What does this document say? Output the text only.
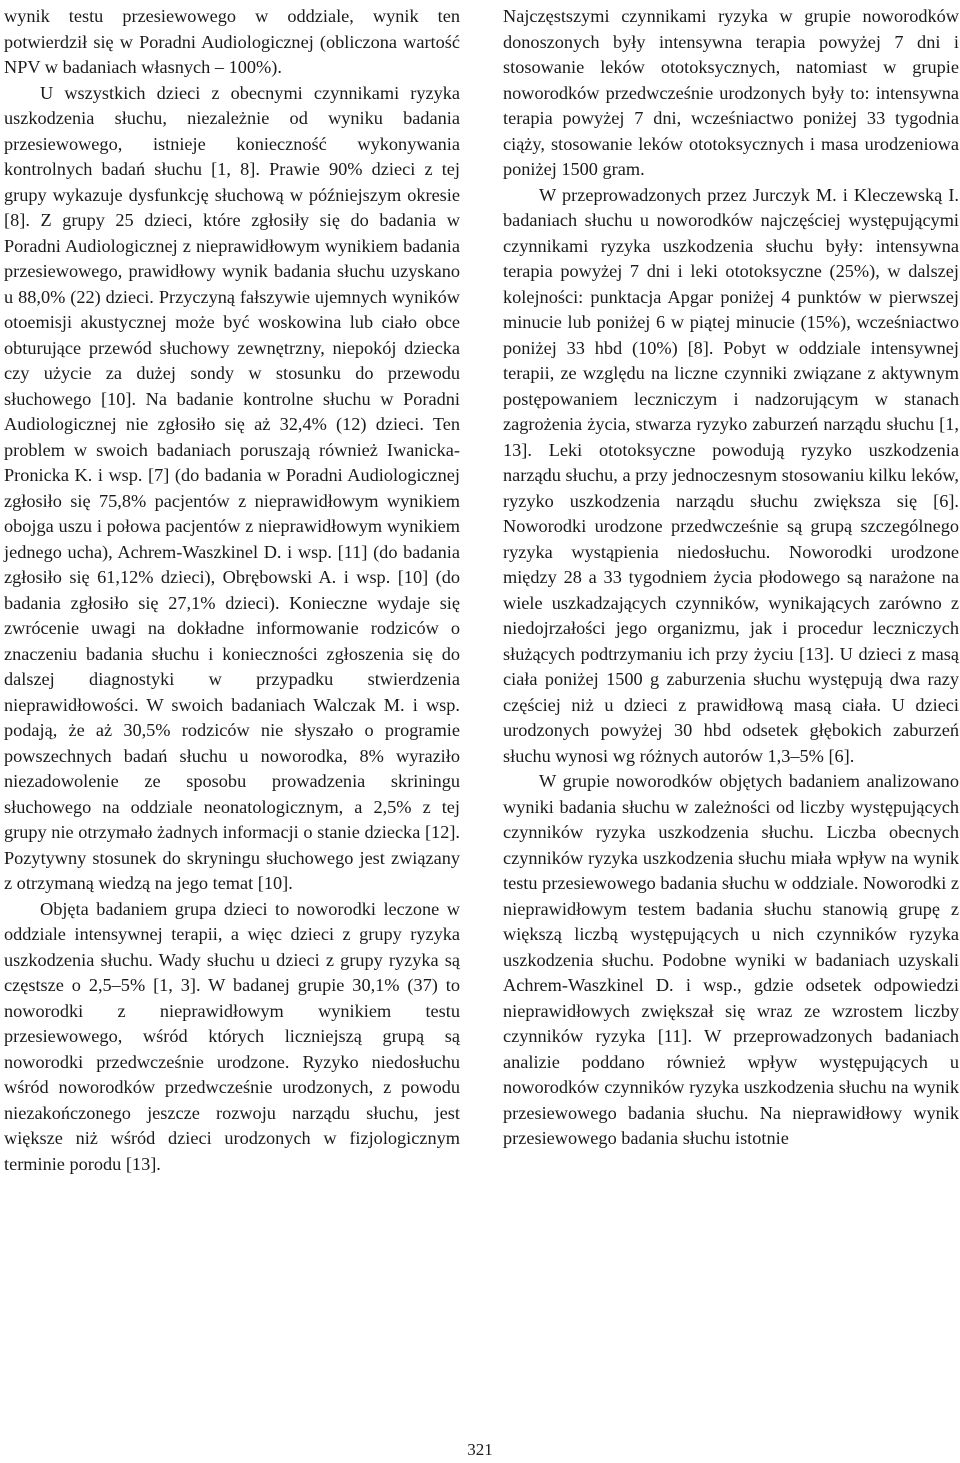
wynik testu przesiewowego w oddziale, wynik ten potwierdził się w Poradni Audiologicznej (obliczona wartość NPV w badaniach własnych – 100%).

U wszystkich dzieci z obecnymi czynnikami ryzyka uszkodzenia słuchu, niezależnie od wyniku badania przesiewowego, istnieje konieczność wykonywania kontrolnych badań słuchu [1, 8]. Prawie 90% dzieci z tej grupy wykazuje dysfunkcję słuchową w późniejszym okresie [8]. Z grupy 25 dzieci, które zgłosiły się do badania w Poradni Audiologicznej z nieprawidłowym wynikiem badania przesiewowego, prawidłowy wynik badania słuchu uzyskano u 88,0% (22) dzieci. Przyczyną fałszywie ujemnych wyników otoemisji akustycznej może być woskowina lub ciało obce obturujące przewód słuchowy zewnętrzny, niepokój dziecka czy użycie za dużej sondy w stosunku do przewodu słuchowego [10]. Na badanie kontrolne słuchu w Poradni Audiologicznej nie zgłosiło się aż 32,4% (12) dzieci. Ten problem w swoich badaniach poruszają również Iwanicka-Pronicka K. i wsp. [7] (do badania w Poradni Audiologicznej zgłosiło się 75,8% pacjentów z nieprawidłowym wynikiem obojga uszu i połowa pacjentów z nieprawidłowym wynikiem jednego ucha), Achrem-Waszkinel D. i wsp. [11] (do badania zgłosiło się 61,12% dzieci), Obrębowski A. i wsp. [10] (do badania zgłosiło się 27,1% dzieci). Konieczne wydaje się zwrócenie uwagi na dokładne informowanie rodziców o znaczeniu badania słuchu i konieczności zgłoszenia się do dalszej diagnostyki w przypadku stwierdzenia nieprawidłowości. W swoich badaniach Walczak M. i wsp. podają, że aż 30,5% rodziców nie słyszało o programie powszechnych badań słuchu u noworodka, 8% wyraziło niezadowolenie ze sposobu prowadzenia skriningu słuchowego na oddziale neonatologicznym, a 2,5% z tej grupy nie otrzymało żadnych informacji o stanie dziecka [12]. Pozytywny stosunek do skryningu słuchowego jest związany z otrzymaną wiedzą na jego temat [10].

Objęta badaniem grupa dzieci to noworodki leczone w oddziale intensywnej terapii, a więc dzieci z grupy ryzyka uszkodzenia słuchu. Wady słuchu u dzieci z grupy ryzyka są częstsze o 2,5–5% [1, 3]. W badanej grupie 30,1% (37) to noworodki z nieprawidłowym wynikiem testu przesiewowego, wśród których liczniejszą grupą są noworodki przedwcześnie urodzone. Ryzyko niedosłuchu wśród noworodków przedwcześnie urodzonych, z powodu niezakończonego jeszcze rozwoju narządu słuchu, jest większe niż wśród dzieci urodzonych w fizjologicznym terminie porodu [13].

Najczęstszymi czynnikami ryzyka w grupie noworodków donoszonych były intensywna terapia powyżej 7 dni i stosowanie leków ototoksycznych, natomiast w grupie noworodków przedwcześnie urodzonych były to: intensywna terapia powyżej 7 dni, wcześniactwo poniżej 33 tygodnia ciąży, stosowanie leków ototoksycznych i masa urodzeniowa poniżej 1500 gram.

W przeprowadzonych przez Jurczyk M. i Kleczewską I. badaniach słuchu u noworodków najczęściej występującymi czynnikami ryzyka uszkodzenia słuchu były: intensywna terapia powyżej 7 dni i leki ototoksyczne (25%), w dalszej kolejności: punktacja Apgar poniżej 4 punktów w pierwszej minucie lub poniżej 6 w piątej minucie (15%), wcześniactwo poniżej 33 hbd (10%) [8]. Pobyt w oddziale intensywnej terapii, ze względu na liczne czynniki związane z aktywnym postępowaniem leczniczym i nadzorującym w stanach zagrożenia życia, stwarza ryzyko zaburzeń narządu słuchu [1, 13]. Leki ototoksyczne powodują ryzyko uszkodzenia narządu słuchu, a przy jednoczesnym stosowaniu kilku leków, ryzyko uszkodzenia narządu słuchu zwiększa się [6]. Noworodki urodzone przedwcześnie są grupą szczególnego ryzyka wystąpienia niedosłuchu. Noworodki urodzone między 28 a 33 tygodniem życia płodowego są narażone na wiele uszkadzających czynników, wynikających zarówno z niedojrzałości jego organizmu, jak i procedur leczniczych służących podtrzymaniu ich przy życiu [13]. U dzieci z masą ciała poniżej 1500 g zaburzenia słuchu występują dwa razy częściej niż u dzieci z prawidłową masą ciała. U dzieci urodzonych powyżej 30 hbd odsetek głębokich zaburzeń słuchu wynosi wg różnych autorów 1,3–5% [6].

W grupie noworodków objętych badaniem analizowano wyniki badania słuchu w zależności od liczby występujących czynników ryzyka uszkodzenia słuchu. Liczba obecnych czynników ryzyka uszkodzenia słuchu miała wpływ na wynik testu przesiewowego badania słuchu w oddziale. Noworodki z nieprawidłowym testem badania słuchu stanowią grupę z większą liczbą występujących u nich czynników ryzyka uszkodzenia słuchu. Podobne wyniki w badaniach uzyskali Achrem-Waszkinel D. i wsp., gdzie odsetek odpowiedzi nieprawidłowych zwiększał się wraz ze wzrostem liczby czynników ryzyka [11]. W przeprowadzonych badaniach analizie poddano również wpływ występujących u noworodków czynników ryzyka uszkodzenia słuchu na wynik przesiewowego badania słuchu. Na nieprawidłowy wynik przesiewowego badania słuchu istotnie

321
